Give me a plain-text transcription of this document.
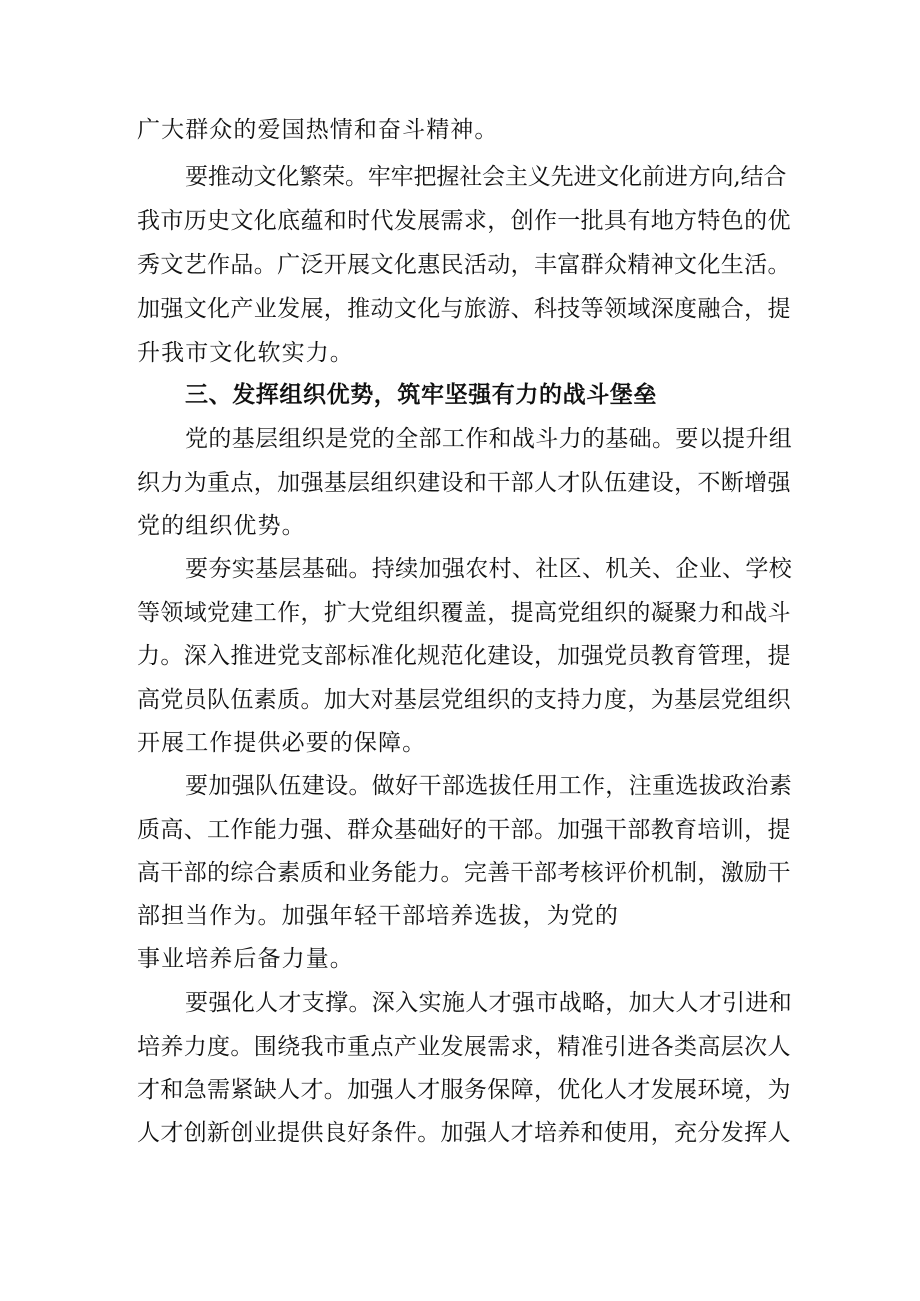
广大群众的爱国热情和奋斗精神。
要推动文化繁荣。牢牢把握社会主义先进文化前进方向,结合
我市历史文化底蕴和时代发展需求，创作一批具有地方特色的优
秀文艺作品。广泛开展文化惠民活动，丰富群众精神文化生活。
加强文化产业发展，推动文化与旅游、科技等领域深度融合，提
升我市文化软实力。
三、发挥组织优势，筑牢坚强有力的战斗堡垒
党的基层组织是党的全部工作和战斗力的基础。要以提升组
织力为重点，加强基层组织建设和干部人才队伍建设，不断增强
党的组织优势。
要夯实基层基础。持续加强农村、社区、机关、企业、学校
等领域党建工作，扩大党组织覆盖，提高党组织的凝聚力和战斗
力。深入推进党支部标准化规范化建设，加强党员教育管理，提
高党员队伍素质。加大对基层党组织的支持力度，为基层党组织
开展工作提供必要的保障。
要加强队伍建设。做好干部选拔任用工作，注重选拔政治素
质高、工作能力强、群众基础好的干部。加强干部教育培训，提
高干部的综合素质和业务能力。完善干部考核评价机制，激励干
部担当作为。加强年轻干部培养选拔，为党的
事业培养后备力量。
要强化人才支撑。深入实施人才强市战略，加大人才引进和
培养力度。围绕我市重点产业发展需求，精准引进各类高层次人
才和急需紧缺人才。加强人才服务保障，优化人才发展环境，为
人才创新创业提供良好条件。加强人才培养和使用，充分发挥人
